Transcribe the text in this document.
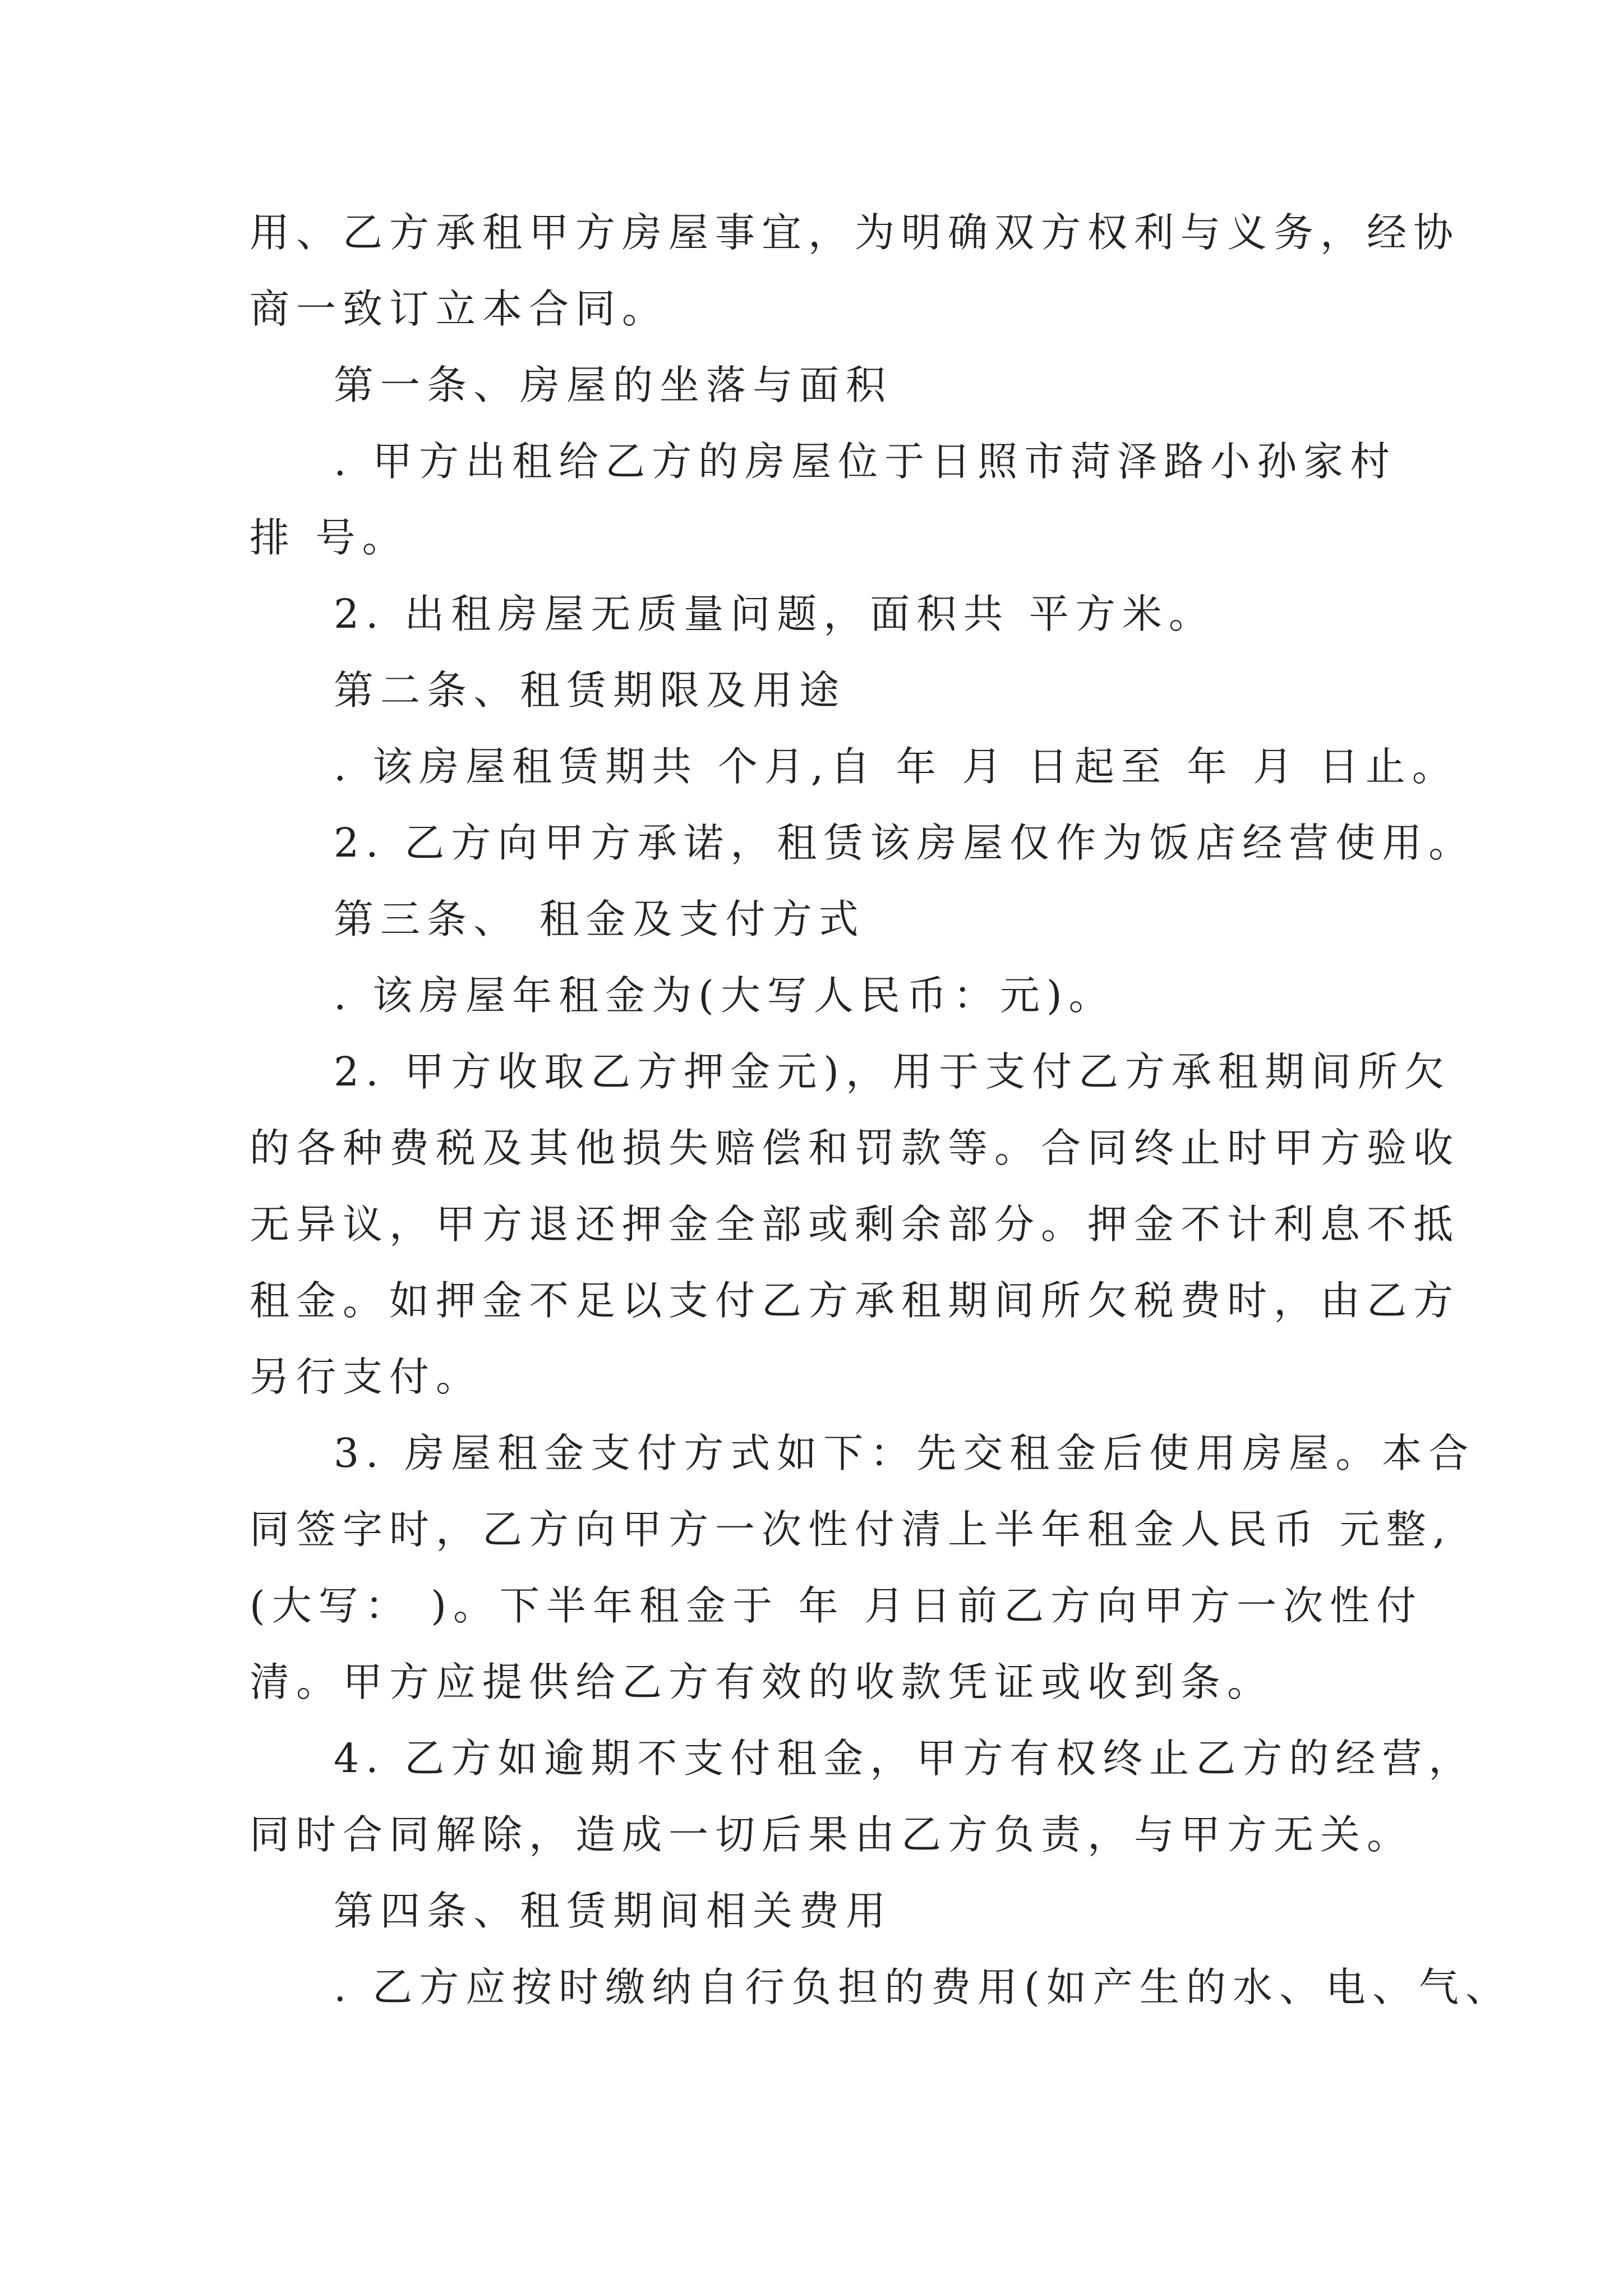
用、乙方承租甲方房屋事宜，为明确双方权利与义务，经协
商一致订立本合同。
第一条、房屋的坐落与面积
. 甲方出租给乙方的房屋位于日照市菏泽路小孙家村
排 号。
2. 出租房屋无质量问题，面积共 平方米。
第二条、租赁期限及用途
. 该房屋租赁期共 个月,自 年 月 日起至 年 月 日止。
2. 乙方向甲方承诺，租赁该房屋仅作为饭店经营使用。
第三条、 租金及支付方式
. 该房屋年租金为(大写人民币：元)。
2. 甲方收取乙方押金元)，用于支付乙方承租期间所欠
的各种费税及其他损失赔偿和罚款等。合同终止时甲方验收
无异议，甲方退还押金全部或剩余部分。押金不计利息不抵
租金。如押金不足以支付乙方承租期间所欠税费时，由乙方
另行支付。
3. 房屋租金支付方式如下：先交租金后使用房屋。本合
同签字时，乙方向甲方一次性付清上半年租金人民币 元整,
(大写： )。下半年租金于 年 月日前乙方向甲方一次性付
清。甲方应提供给乙方有效的收款凭证或收到条。
4. 乙方如逾期不支付租金，甲方有权终止乙方的经营，
同时合同解除，造成一切后果由乙方负责，与甲方无关。
第四条、租赁期间相关费用
. 乙方应按时缴纳自行负担的费用(如产生的水、电、气、
